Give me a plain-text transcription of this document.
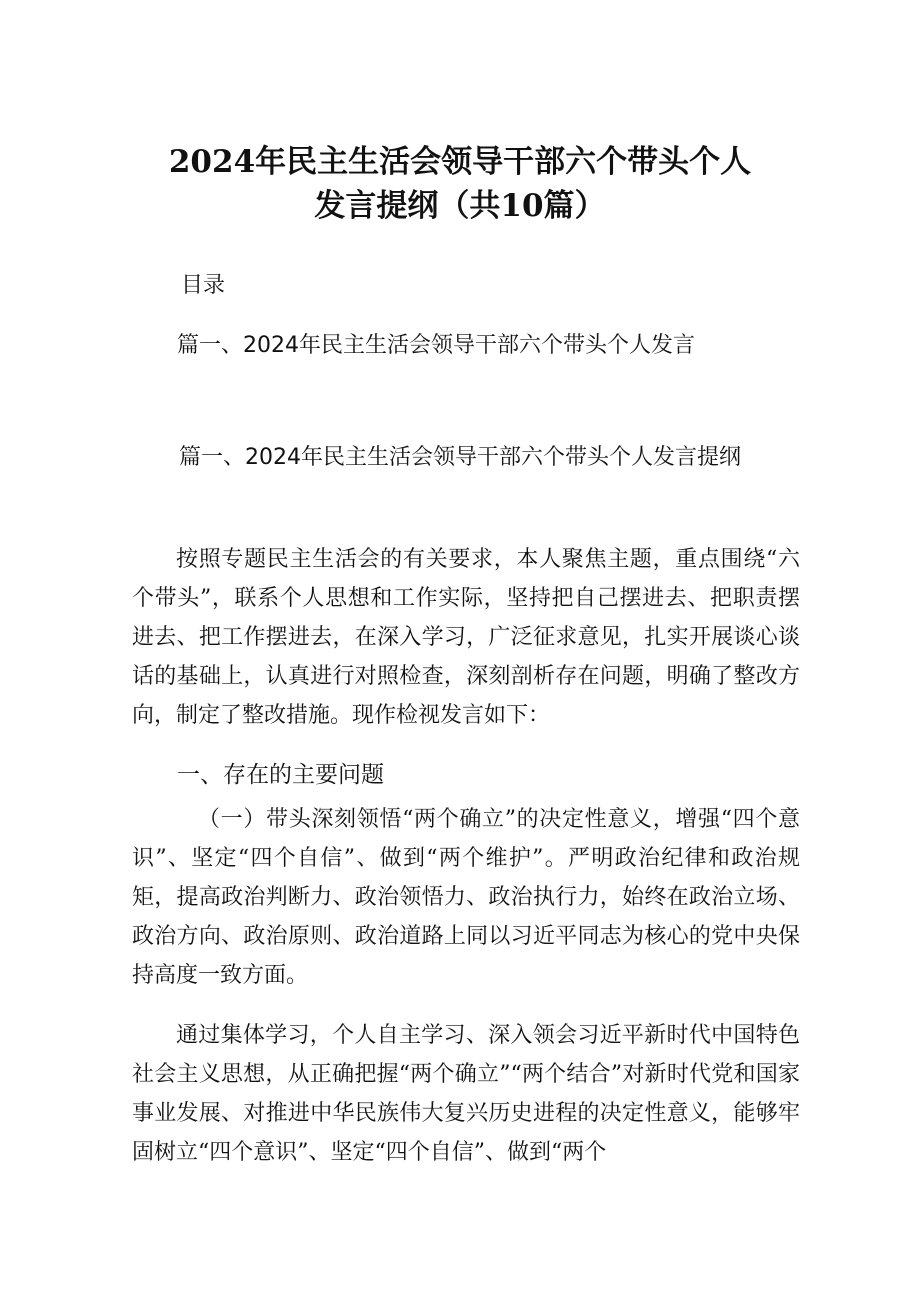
2024年民主生活会领导干部六个带头个人
发言提纲（共10篇）
目录
篇一、2024年民主生活会领导干部六个带头个人发言
篇一、2024年民主生活会领导干部六个带头个人发言提纲

按照专题民主生活会的有关要求，本人聚焦主题，重点围绕“六个带头”，联系个人思想和工作实际，坚持把自己摆进去、把职责摆进去、把工作摆进去，在深入学习，广泛征求意见，扎实开展谈心谈话的基础上，认真进行对照检查，深刻剖析存在问题，明确了整改方向，制定了整改措施。现作检视发言如下：

一、存在的主要问题

（一）带头深刻领悟“两个确立”的决定性意义，增强“四个意识”、坚定“四个自信”、做到“两个维护”。严明政治纪律和政治规矩，提高政治判断力、政治领悟力、政治执行力，始终在政治立场、政治方向、政治原则、政治道路上同以习近平同志为核心的党中央保持高度一致方面。

通过集体学习，个人自主学习、深入领会习近平新时代中国特色社会主义思想，从正确把握“两个确立”“两个结合”对新时代党和国家事业发展、对推进中华民族伟大复兴历史进程的决定性意义，能够牢固树立“四个意识”、坚定“四个自信”、做到“两个
